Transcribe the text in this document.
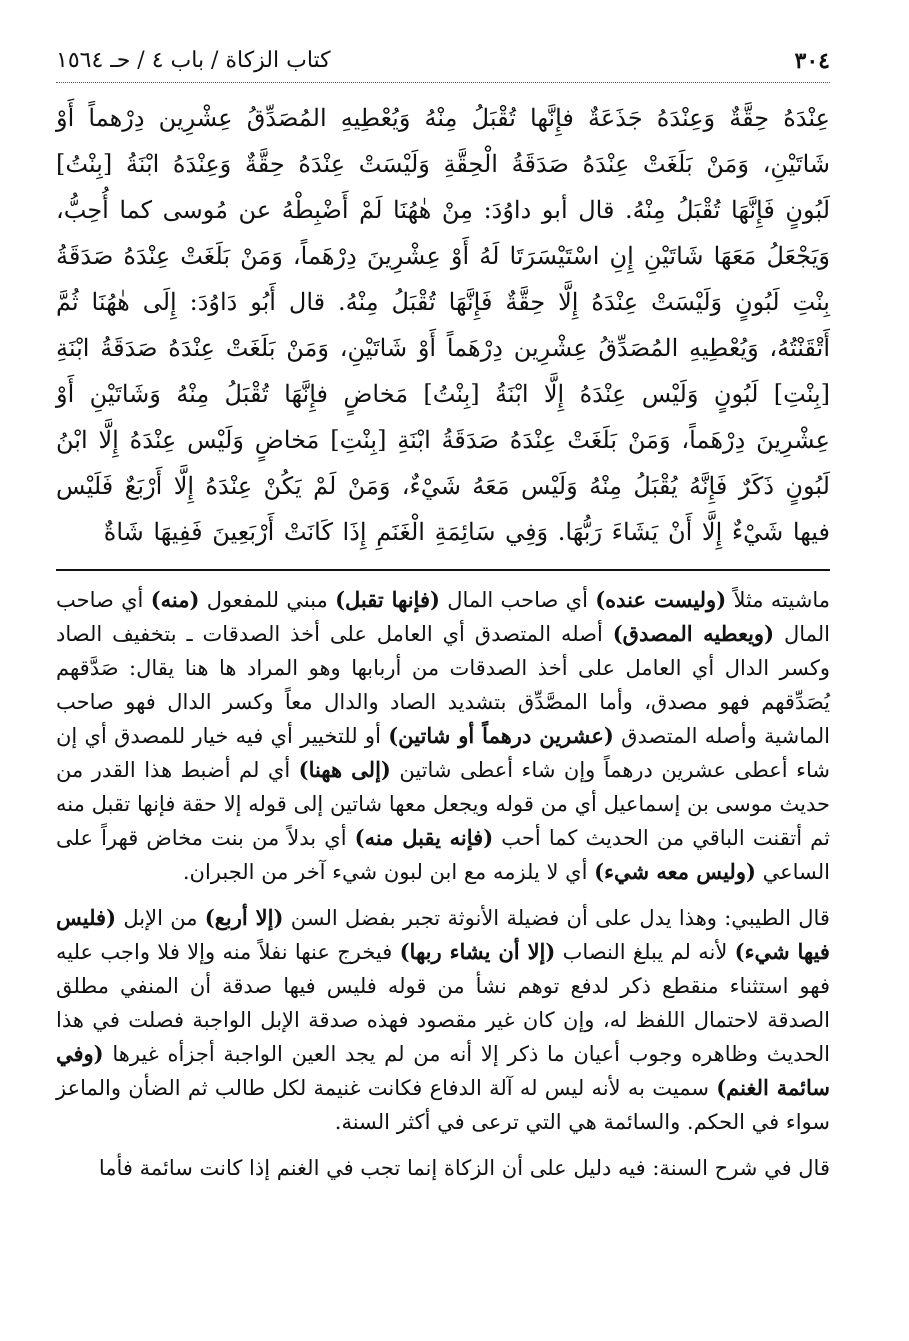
٣٠٤
كتاب الزكاة / باب ٤ / حـ ١٥٦٤

عِنْدَهُ حِقَّةٌ وَعِنْدَهُ جَذَعَةٌ فإِنَّها تُقْبَلُ مِنْهُ وَيُعْطِيهِ المُصَدِّقُ عِشْرِين دِرْهماً أَوْ شَاتَيْنِ، وَمَنْ بَلَغَتْ عِنْدَهُ صَدَقَةُ الْحِقَّةِ وَلَيْسَتْ عِنْدَهُ حِقَّةٌ وَعِنْدَهُ ابْنَةُ [بِنْتُ] لَبُونٍ فَإِنَّهَا تُقْبَلُ مِنْهُ. قال أبو داوُدَ: مِنْ هٰهُنَا لَمْ أَضْبِطْهُ عن مُوسى كما أُحِبُّ، وَيَجْعَلُ مَعَهَا شَاتَيْنِ إِنِ اسْتَيْسَرَتَا لَهُ أَوْ عِشْرِينَ دِرْهَماً، وَمَنْ بَلَغَتْ عِنْدَهُ صَدَقَةُ بِنْتِ لَبُونٍ وَلَيْسَتْ عِنْدَهُ إِلَّا حِقَّةٌ فَإِنَّهَا تُقْبَلُ مِنْهُ. قال أَبُو دَاوُدَ: إِلَى هٰهُنَا ثُمَّ أَتْقَنْتُهُ، وَيُعْطِيهِ المُصَدِّقُ عِشْرِين دِرْهَماً أَوْ شَاتَيْنِ، وَمَنْ بَلَغَتْ عِنْدَهُ صَدَقَةُ ابْنَةِ [بِنْتِ] لَبُونٍ وَلَيْس عِنْدَهُ إِلَّا ابْنَةُ [بِنْتُ] مَخاضٍ فإِنَّهَا تُقْبَلُ مِنْهُ وَشَاتَيْنِ أَوْ عِشْرِينَ دِرْهَماً، وَمَنْ بَلَغَتْ عِنْدَهُ صَدَقَةُ ابْنَةِ [بِنْتِ] مَخاضٍ وَلَيْس عِنْدَهُ إِلَّا ابْنُ لَبُونٍ ذَكَرٌ فَإِنَّهُ يُقْبَلُ مِنْهُ وَلَيْس مَعَهُ شَيْءٌ، وَمَنْ لَمْ يَكُنْ عِنْدَهُ إِلَّا أَرْبَعٌ فَلَيْس فيها شَيْءٌ إِلَّا أَنْ يَشَاءَ رَبُّهَا. وَفِي سَائِمَةِ الْغَنَمِ إِذَا كَانَتْ أَرْبَعِينَ فَفِيهَا شَاةٌ

ماشيته مثلاً (وليست عنده) أي صاحب المال (فإنها تقبل) مبني للمفعول (منه) أي صاحب المال (ويعطيه المصدق) أصله المتصدق أي العامل على أخذ الصدقات ـ بتخفيف الصاد وكسر الدال أي العامل على أخذ الصدقات من أربابها وهو المراد ها هنا يقال: صَدَّقهم يُصَدِّقهم فهو مصدق، وأما المصَّدِّق بتشديد الصاد والدال معاً وكسر الدال فهو صاحب الماشية وأصله المتصدق (عشرين درهماً أو شاتين) أو للتخيير أي فيه خيار للمصدق أي إن شاء أعطى عشرين درهماً وإن شاء أعطى شاتين (إلى ههنا) أي لم أضبط هذا القدر من حديث موسى بن إسماعيل أي من قوله ويجعل معها شاتين إلى قوله إلا حقة فإنها تقبل منه ثم أتقنت الباقي من الحديث كما أحب (فإنه يقبل منه) أي بدلاً من بنت مخاض قهراً على الساعي (وليس معه شيء) أي لا يلزمه مع ابن لبون شيء آخر من الجبران.

قال الطيبي: وهذا يدل على أن فضيلة الأنوثة تجبر بفضل السن (إلا أربع) من الإبل (فليس فيها شيء) لأنه لم يبلغ النصاب (إلا أن يشاء ربها) فيخرج عنها نفلاً منه وإلا فلا واجب عليه فهو استثناء منقطع ذكر لدفع توهم نشأ من قوله فليس فيها صدقة أن المنفي مطلق الصدقة لاحتمال اللفظ له، وإن كان غير مقصود فهذه صدقة الإبل الواجبة فصلت في هذا الحديث وظاهره وجوب أعيان ما ذكر إلا أنه من لم يجد العين الواجبة أجزأه غيرها (وفي سائمة الغنم) سميت به لأنه ليس له آلة الدفاع فكانت غنيمة لكل طالب ثم الضأن والماعز سواء في الحكم. والسائمة هي التي ترعى في أكثر السنة.

قال في شرح السنة: فيه دليل على أن الزكاة إنما تجب في الغنم إذا كانت سائمة فأما
